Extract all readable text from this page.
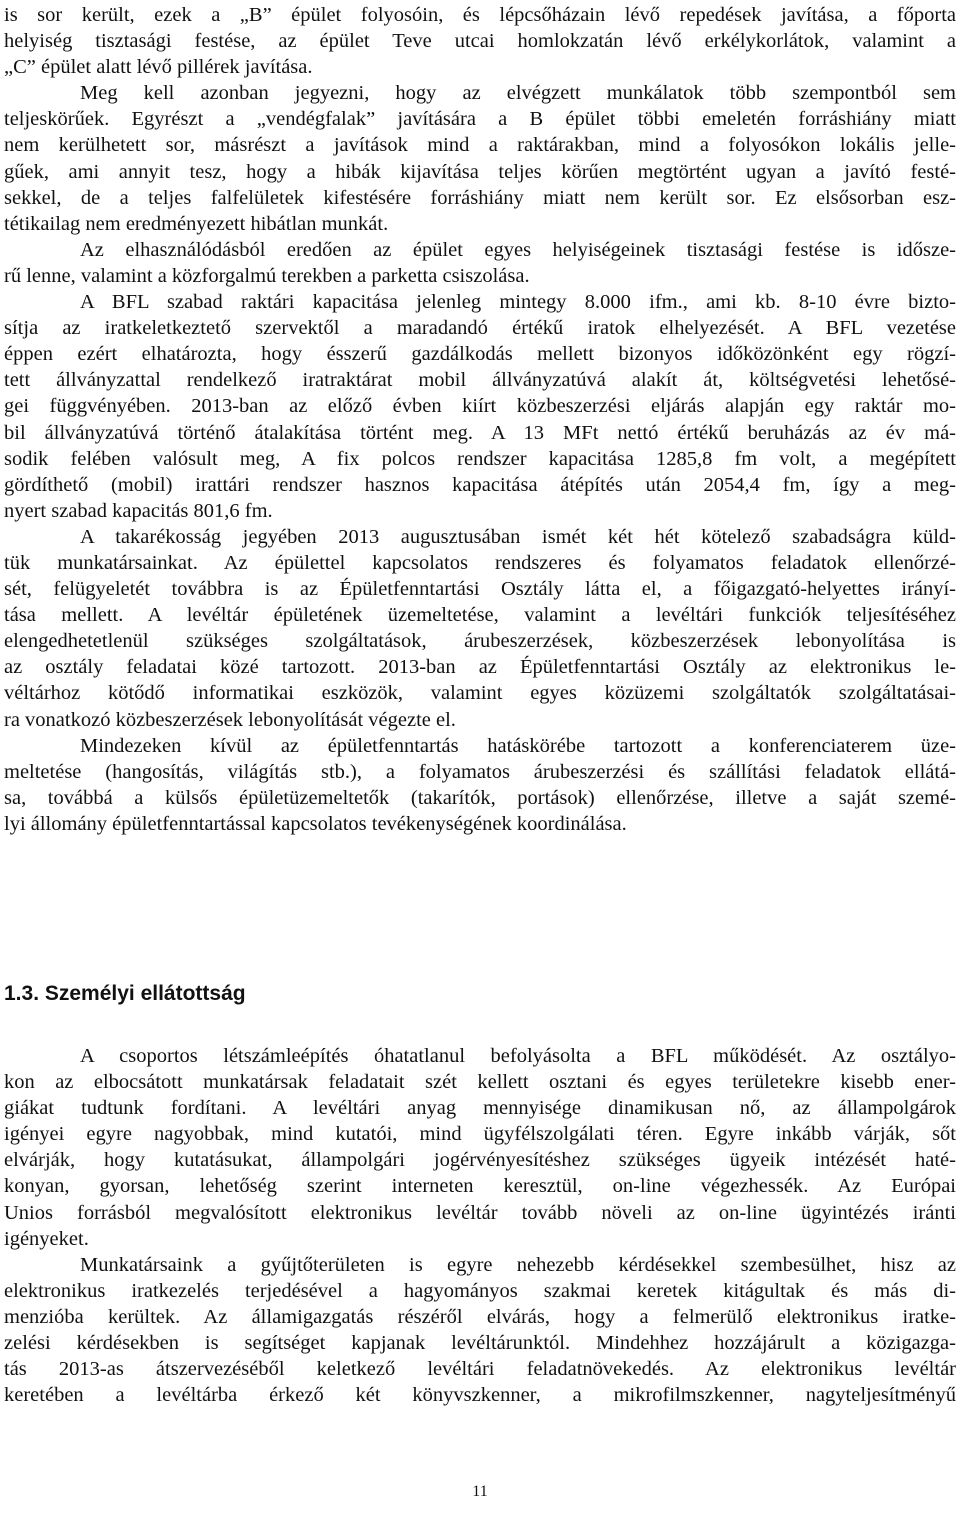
is sor került, ezek a „B” épület folyosóin, és lépcsőházain lévő repedések javítása, a főporta
helyiség tisztasági festése, az épület Teve utcai homlokzatán lévő erkélykorlátok, valamint a
„C” épület alatt lévő pillérek javítása.
Meg kell azonban jegyezni, hogy az elvégzett munkálatok több szempontból sem
teljeskörűek. Egyrészt a „vendégfalak” javítására a B épület többi emeletén forráshiány miatt
nem kerülhetett sor, másrészt a javítások mind a raktárakban, mind a folyosókon lokális jelle-
gűek, ami annyit tesz, hogy a hibák kijavítása teljes körűen megtörtént ugyan a javító festé-
sekkel, de a teljes falfelületek kifestésére forráshiány miatt nem került sor. Ez elsősorban esz-
tétikailag nem eredményezett hibátlan munkát.
Az elhasználódásból eredően az épület egyes helyiségeinek tisztasági festése is időszе-
rű lenne, valamint a közforgalmú terekben a parketta csiszolása.
A BFL szabad raktári kapacitása jelenleg mintegy 8.000 ifm., ami kb. 8-10 évre bizto-
sítja az iratkeletkeztető szervektől a maradandó értékű iratok elhelyezését. A BFL vezetése
éppen ezért elhatározta, hogy ésszerű gazdálkodás mellett bizonyos időközönként egy rögzí-
tett állványzattal rendelkező iratraktárat mobil állványzatúvá alakít át, költségvetési lehetősé-
gei függvényében. 2013-ban az előző évben kiírt közbeszerzési eljárás alapján egy raktár mo-
bil állványzatúvá történő átalakítása történt meg. A 13 MFt nettó értékű beruházás az év má-
sodik felében valósult meg, A fix polcos rendszer kapacitása 1285,8 fm volt, a megépített
gördíthető (mobil) irattári rendszer hasznos kapacitása átépítés után 2054,4 fm, így a meg-
nyert szabad kapacitás 801,6 fm.
A takarékosság jegyében 2013 augusztusában ismét két hét kötelező szabadságra küld-
tük munkatársainkat. Az épülettel kapcsolatos rendszeres és folyamatos feladatok ellenőrzé-
sét, felügyeletét továbbra is az Épületfenntartási Osztály látta el, a főigazgató-helyettes irányí-
tása mellett. A levéltár épületének üzemeltetése, valamint a levéltári funkciók teljesítéséhez
elengedhetetlenül szükséges szolgáltatások, árubeszerzések, közbeszerzések lebonyolítása is
az osztály feladatai közé tartozott. 2013-ban az Épületfenntartási Osztály az elektronikus le-
véltárhoz kötődő informatikai eszközök, valamint egyes közüzemi szolgáltatók szolgáltatásai-
ra vonatkozó közbeszerzések lebonyolítását végezte el.
Mindezeken kívül az épületfenntartás hatáskörébe tartozott a konferenciaterem üze-
meltetése (hangosítás, világítás stb.), a folyamatos árubeszerzési és szállítási feladatok ellátá-
sa, továbbá a külsős épületüzemeltetők (takarítók, portások) ellenőrzése, illetve a saját szemé-
lyi állomány épületfenntartással kapcsolatos tevékenységének koordinálása.
1.3. Személyi ellátottság
A csoportos létszámleépítés óhatatlanul befolyásolta a BFL működését. Az osztályo-
kon az elbocsátott munkatársak feladatait szét kellett osztani és egyes területekre kisebb ener-
giákat tudtunk fordítani. A levéltári anyag mennyisége dinamikusan nő, az állampolgárok
igényei egyre nagyobbak, mind kutatói, mind ügyfélszolgálati téren. Egyre inkább várják, sőt
elvárják, hogy kutatásukat, állampolgári jogérvényesítéshez szükséges ügyeik intézését haté-
konyan, gyorsan, lehetőség szerint interneten keresztül, on-line végezhessék. Az Európai
Unios forrásból megvalósított elektronikus levéltár tovább növeli az on-line ügyintézés iránti
igényeket.
Munkatársaink a gyűjtőterületen is egyre nehezebb kérdésekkel szembesülhet, hisz az
elektronikus iratkezelés terjedésével a hagyományos szakmai keretek kitágultak és más di-
menzióba kerültek. Az államigazgatás részéről elvárás, hogy a felmerülő elektronikus iratke-
zelési kérdésekben is segítséget kapjanak levéltárunktól. Mindehhez hozzájárult a közigazga-
tás 2013-as átszervezéséből keletkező levéltári feladatnövekedés. Az elektronikus levéltár
keretében a levéltárba érkező két könyvszkenner, a mikrofilmszkenner, nagyteljesítményű
11
